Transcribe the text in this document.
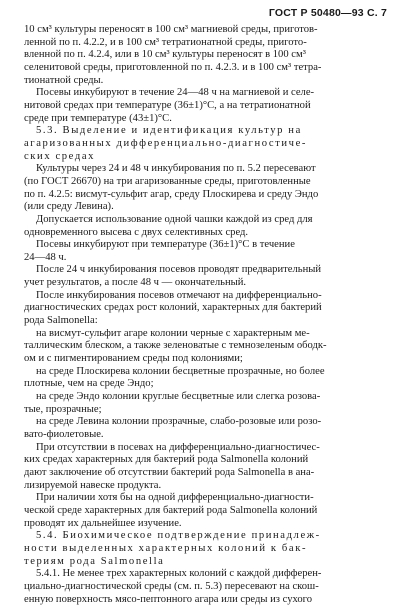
ГОСТ Р 50480—93 С. 7
10 см³ культуры переносят в 100 см³ магниевой среды, приготов-
ленной по п. 4.2.2, и в 100 см³ тетратионатной среды, пригото-
вленной по п. 4.2.4, или в 10 см³ культуры переносят в 100 см³
селенитовой среды, приготовленной по п. 4.2.3. и в 100 см³ тетра-
тионатной среды.
Посевы инкубируют в течение 24—48 ч на магниевой и селе-
нитовой средах при температуре (36±1)°С, а на тетратионатной
среде при температуре (43±1)°С.
5.3. Выделение и идентификация культур на
агаризованных дифференциально-диагностиче-
ских средах
Культуры через 24 и 48 ч инкубирования по п. 5.2 пересевают
(по ГОСТ 26670) на три агаризованные среды, приготовленные
по п. 4.2.5: висмут-сульфит агар, среду Плоскирева и среду Эндо
(или среду Левина).
Допускается использование одной чашки каждой из сред для
одновременного высева с двух селективных сред.
Посевы инкубируют при температуре (36±1)°С в течение
24—48 ч.
После 24 ч инкубирования посевов проводят предварительный
учет результатов, а после 48 ч — окончательный.
После инкубирования посевов отмечают на дифференциально-
диагностических средах рост колоний, характерных для бактерий
рода Salmonella:
на висмут-сульфит агаре колонии черные с характерным ме-
таллическим блеском, а также зеленоватые с темнозеленым ободк-
ом и с пигментированием среды под колониями;
на среде Плоскирева колонии бесцветные прозрачные, но более
плотные, чем на среде Эндо;
на среде Эндо колонии круглые бесцветные или слегка розова-
тые, прозрачные;
на среде Левина колонии прозрачные, слабо-розовые или розо-
вато-фиолетовые.
При отсутствии в посевах на дифференциально-диагностичес-
ких средах характерных для бактерий рода Salmonella колоний
дают заключение об отсутствии бактерий рода Salmonella в ана-
лизируемой навеске продукта.
При наличии хотя бы на одной дифференциально-диагности-
ческой среде характерных для бактерий рода Salmonella колоний
проводят их дальнейшее изучение.
5.4. Биохимическое подтверждение принадлеж-
ности выделенных характерных колоний к бак-
териям рода Salmonella
5.4.1. Не менее трех характерных колоний с каждой дифферен-
циально-диагностической среды (см. п. 5.3) пересевают на скош-
енную поверхность мясо-пептонного агара или среды из сухого
